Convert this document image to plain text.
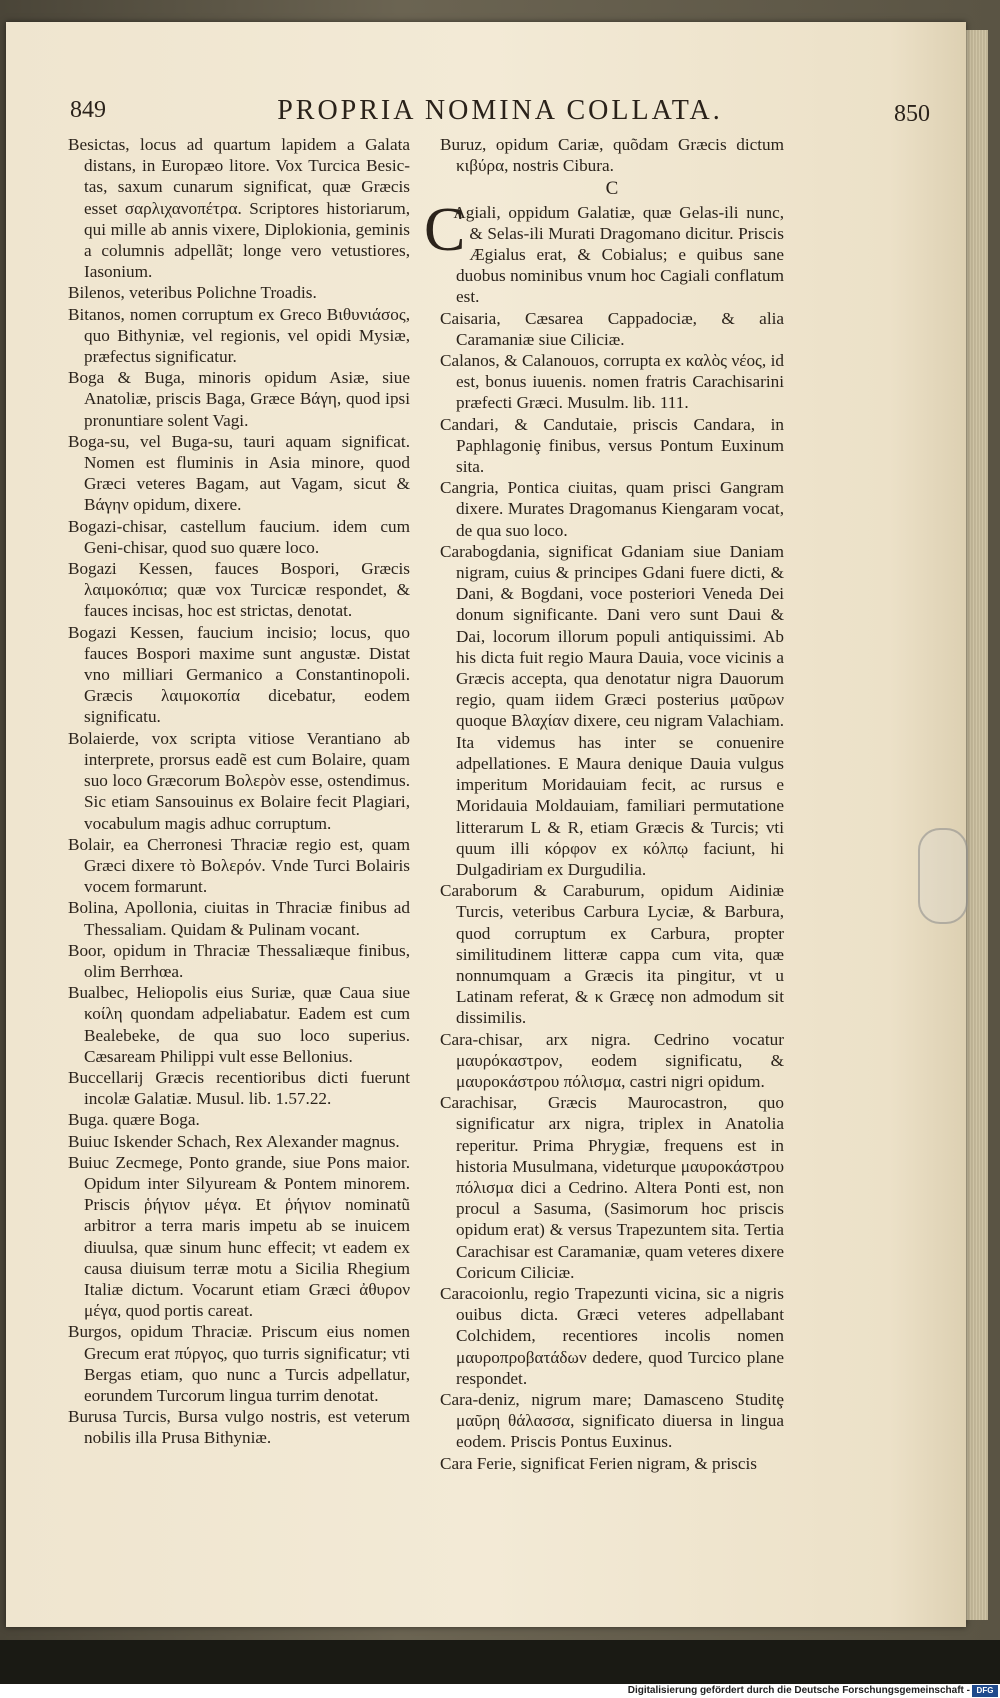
849	PROPRIA NOMINA COLLATA.	850

Besictas, locus ad quartum lapidem a Galata distans, in Europæo litore. Vox Turcica Besic-tas, saxum cunarum significat, quæ Græcis esset σαρλιχανοπέτρα. Scriptores historiarum, qui mille ab annis vixere, Diplokionia, geminis a columnis adpellãt; longe vero vetustiores, Iasonium.

Bilenos, veteribus Polichne Troadis.

Bitanos, nomen corruptum ex Greco Βιθυνιάσος, quo Bithyniæ, vel regionis, vel opidi Mysiæ, præfectus significatur.

Boga & Buga, minoris opidum Asiæ, siue Anatoliæ, priscis Baga, Græce Βάγη, quod ipsi pronuntiare solent Vagi.

Boga-su, vel Buga-su, tauri aquam significat. Nomen est fluminis in Asia minore, quod Græci veteres Bagam, aut Vagam, sicut & Βάγην opidum, dixere.

Bogazi-chisar, castellum faucium. idem cum Geni-chisar, quod suo quære loco.

Bogazi Kessen, fauces Bospori, Græcis λαιμοκόπια; quæ vox Turcicæ respondet, & fauces incisas, hoc est strictas, denotat.

Bogazi Kessen, faucium incisio; locus, quo fauces Bospori maxime sunt angustæ. Distat vno milliari Germanico a Constantinopoli. Græcis λαιμοκοπία dicebatur, eodem significatu.

Bolaierde, vox scripta vitiose Verantiano ab interprete, prorsus eadẽ est cum Bolaire, quam suo loco Græcorum Βολερὸν esse, ostendimus. Sic etiam Sansouinus ex Bolaire fecit Plagiari, vocabulum magis adhuc corruptum.

Bolair, ea Cherronesi Thraciæ regio est, quam Græci dixere τὸ Βολερόν. Vnde Turci Bolairis vocem formarunt.

Bolina, Apollonia, ciuitas in Thraciæ finibus ad Thessaliam. Quidam & Pulinam vocant.

Boor, opidum in Thraciæ Thessaliæque finibus, olim Berrhœa.

Bualbec, Heliopolis eius Suriæ, quæ Caua siue κοίλη quondam adpeliabatur. Eadem est cum Bealebeke, de qua suo loco superius. Cæsaream Philippi vult esse Bellonius.

Buccellarij Græcis recentioribus dicti fuerunt incolæ Galatiæ. Musul. lib. 1.57.22.

Buga. quære Boga.

Buiuc Iskender Schach, Rex Alexander magnus.

Buiuc Zecmege, Ponto grande, siue Pons maior. Opidum inter Silyuream & Pontem minorem. Priscis ῥήγιον μέγα. Et ῥήγιον nominatũ arbitror a terra maris impetu ab se inuicem diuulsa, quæ sinum hunc effecit; vt eadem ex causa diuisum terræ motu a Sicilia Rhegium Italiæ dictum. Vocarunt etiam Græci ἀθυρον μέγα, quod portis careat.

Burgos, opidum Thraciæ. Priscum eius nomen Grecum erat πύργος, quo turris significatur; vti Bergas etiam, quo nunc a Turcis adpellatur, eorundem Turcorum lingua turrim denotat.

Burusa Turcis, Bursa vulgo nostris, est veterum nobilis illa Prusa Bithyniæ.

Buruz, opidum Cariæ, quõdam Græcis dictum κιβύρα, nostris Cibura.

C

C
Agiali, oppidum Galatiæ, quæ Gelas-ili nunc, & Selas-ili Murati Dragomano dicitur. Priscis Ægialus erat, & Cobialus; e quibus sane duobus nominibus vnum hoc Cagiali conflatum est.

Caisaria, Cæsarea Cappadociæ, & alia Caramaniæ siue Ciliciæ.

Calanos, & Calanouos, corrupta ex καλὸς νέος, id est, bonus iuuenis. nomen fratris Carachisarini præfecti Græci. Musulm. lib. 111.

Candari, & Candutaie, priscis Candara, in Paphlagoniȩ finibus, versus Pontum Euxinum sita.

Cangria, Pontica ciuitas, quam prisci Gangram dixere. Murates Dragomanus Kiengaram vocat, de qua suo loco.

Carabogdania, significat Gdaniam siue Daniam nigram, cuius & principes Gdani fuere dicti, & Dani, & Bogdani, voce posteriori Veneda Dei donum significante. Dani vero sunt Daui & Dai, locorum illorum populi antiquissimi. Ab his dicta fuit regio Maura Dauia, voce vicinis a Græcis accepta, qua denotatur nigra Dauorum regio, quam iidem Græci posterius μαῦρων quoque Βλαχίαν dixere, ceu nigram Valachiam. Ita videmus has inter se conuenire adpellationes. E Maura denique Dauia vulgus imperitum Moridauiam fecit, ac rursus e Moridauia Moldauiam, familiari permutatione litterarum L & R, etiam Græcis & Turcis; vti quum illi κόρφον ex κόλπῳ faciunt, hi Dulgadiriam ex Durgudilia.

Caraborum & Caraburum, opidum Aidiniæ Turcis, veteribus Carbura Lyciæ, & Barbura, quod corruptum ex Carbura, propter similitudinem litteræ cappa cum vita, quæ nonnumquam a Græcis ita pingitur, vt u Latinam referat, & κ Græcȩ non admodum sit dissimilis.

Cara-chisar, arx nigra. Cedrino vocatur μαυρόκαστρον, eodem significatu, & μαυροκάστρου πόλισμα, castri nigri opidum.

Carachisar, Græcis Maurocastron, quo significatur arx nigra, triplex in Anatolia reperitur. Prima Phrygiæ, frequens est in historia Musulmana, videturque μαυροκάστρου πόλισμα dici a Cedrino. Altera Ponti est, non procul a Sasuma, (Sasimorum hoc priscis opidum erat) & versus Trapezuntem sita. Tertia Carachisar est Caramaniæ, quam veteres dixere Coricum Ciliciæ.

Caracoionlu, regio Trapezunti vicina, sic a nigris ouibus dicta. Græci veteres adpellabant Colchidem, recentiores incolis nomen μαυροπροβατάδων dedere, quod Turcico plane respondet.

Cara-deniz, nigrum mare; Damasceno Studitȩ μαῦρη θάλασσα, significato diuersa in lingua eodem. Priscis Pontus Euxinus.

Cara Ferie, significat Ferien nigram, & priscis

Digitalisierung gefördert durch die Deutsche Forschungsgemeinschaft - DFG
